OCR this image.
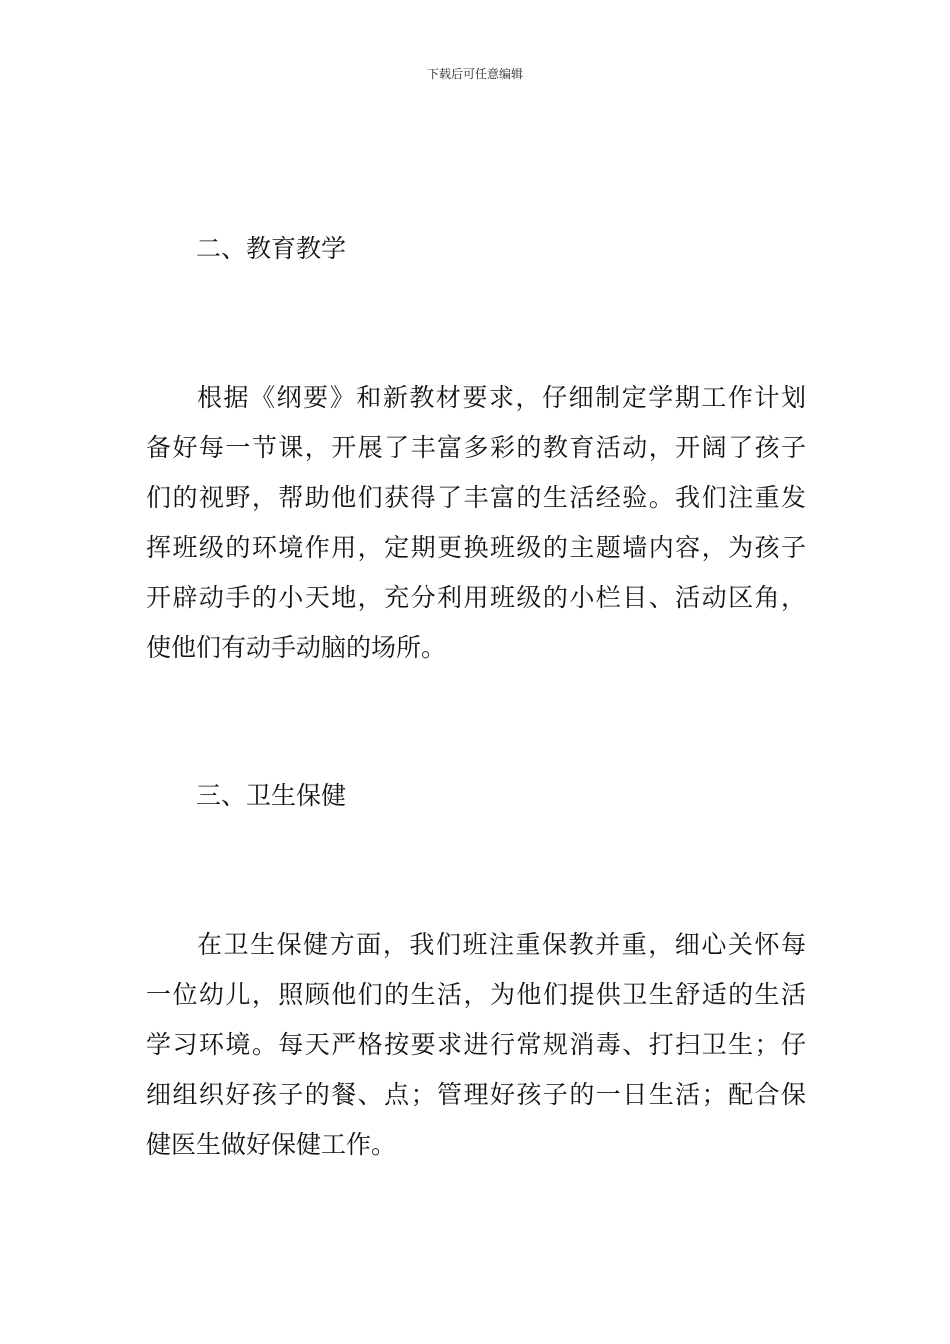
下载后可任意编辑
二、教育教学
根据《纲要》和新教材要求，仔细制定学期工作计划
备好每一节课，开展了丰富多彩的教育活动，开阔了孩子
们的视野，帮助他们获得了丰富的生活经验。我们注重发
挥班级的环境作用，定期更换班级的主题墙内容，为孩子
开辟动手的小天地，充分利用班级的小栏目、活动区角，
使他们有动手动脑的场所。
三、卫生保健
在卫生保健方面，我们班注重保教并重，细心关怀每
一位幼儿，照顾他们的生活，为他们提供卫生舒适的生活
学习环境。每天严格按要求进行常规消毒、打扫卫生；仔
细组织好孩子的餐、点；管理好孩子的一日生活；配合保
健医生做好保健工作。
